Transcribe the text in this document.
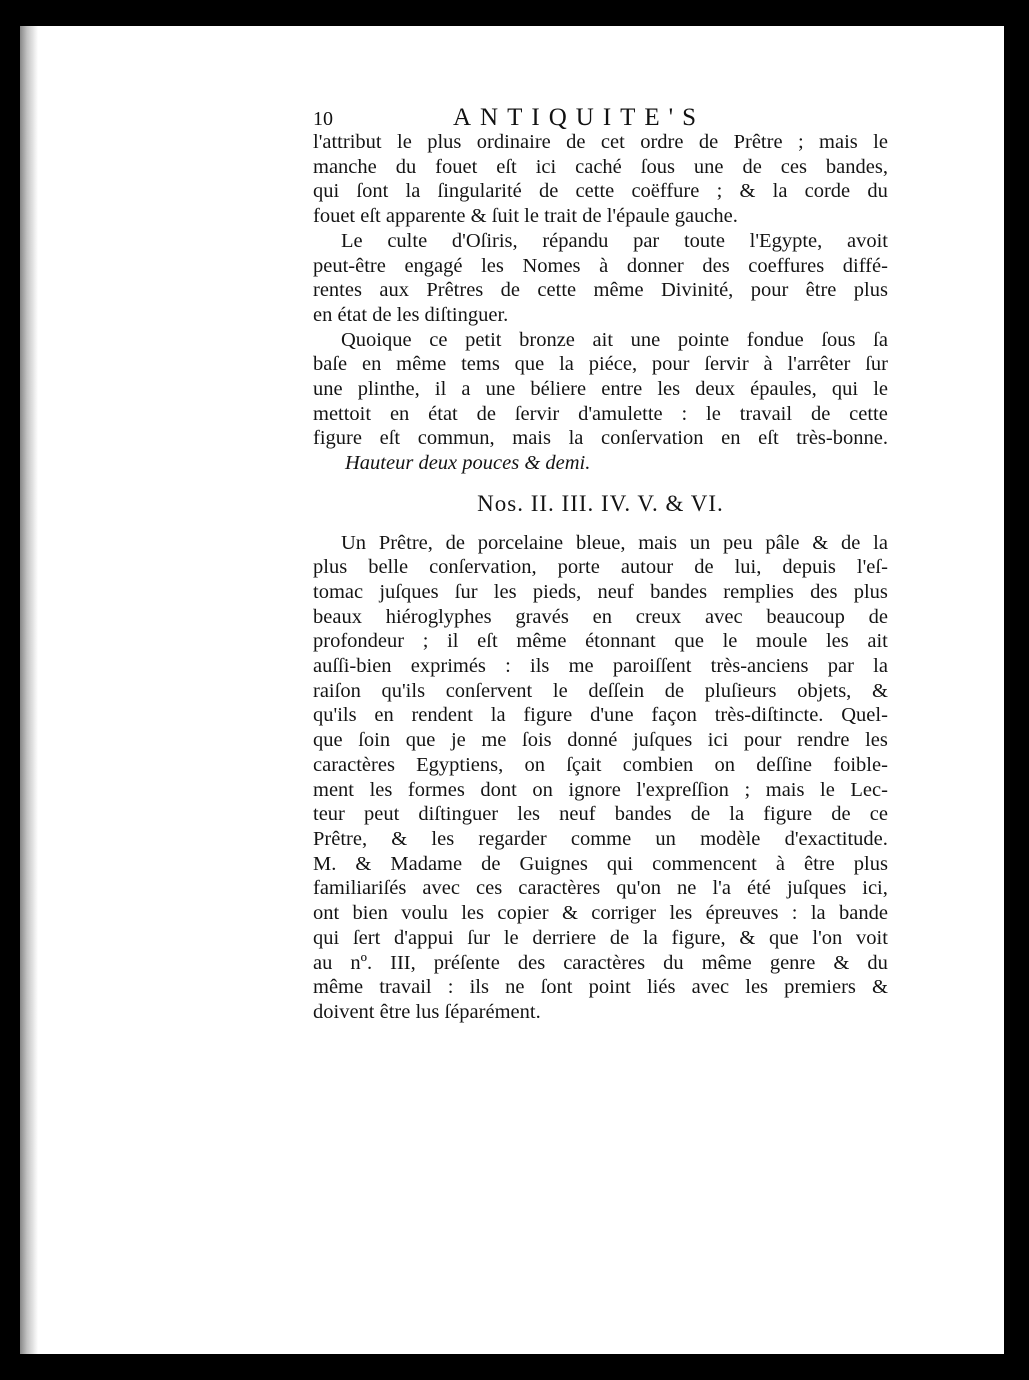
10	ANTIQUITE'S
l'attribut le plus ordinaire de cet ordre de Prêtre ; mais le
manche du fouet eſt ici caché ſous une de ces bandes,
qui ſont la ſingularité de cette coëffure ; & la corde du
fouet eſt apparente & ſuit le trait de l'épaule gauche.
Le culte d'Oſiris, répandu par toute l'Egypte, avoit
peut-être engagé les Nomes à donner des coeffures diffé-
rentes aux Prêtres de cette même Divinité, pour être plus
en état de les diſtinguer.
Quoique ce petit bronze ait une pointe fondue ſous ſa
baſe en même tems que la piéce, pour ſervir à l'arrêter ſur
une plinthe, il a une béliere entre les deux épaules, qui le
mettoit en état de ſervir d'amulette : le travail de cette
figure eſt commun, mais la conſervation en eſt très-bonne.
Hauteur deux pouces & demi.
Nos. II. III. IV. V. & VI.
Un Prêtre, de porcelaine bleue, mais un peu pâle & de la
plus belle conſervation, porte autour de lui, depuis l'eſ-
tomac juſques ſur les pieds, neuf bandes remplies des plus
beaux hiéroglyphes gravés en creux avec beaucoup de
profondeur ; il eſt même étonnant que le moule les ait
auſſi-bien exprimés : ils me paroiſſent très-anciens par la
raiſon qu'ils conſervent le deſſein de pluſieurs objets, &
qu'ils en rendent la figure d'une façon très-diſtincte. Quel-
que ſoin que je me ſois donné juſques ici pour rendre les
caractères Egyptiens, on ſçait combien on deſſine foible-
ment les formes dont on ignore l'expreſſion ; mais le Lec-
teur peut diſtinguer les neuf bandes de la figure de ce
Prêtre, & les regarder comme un modèle d'exactitude.
M. & Madame de Guignes qui commencent à être plus
familiariſés avec ces caractères qu'on ne l'a été juſques ici,
ont bien voulu les copier & corriger les épreuves : la bande
qui ſert d'appui ſur le derriere de la figure, & que l'on voit
au nº. III, préſente des caractères du même genre & du
même travail : ils ne ſont point liés avec les premiers &
doivent être lus ſéparément.
